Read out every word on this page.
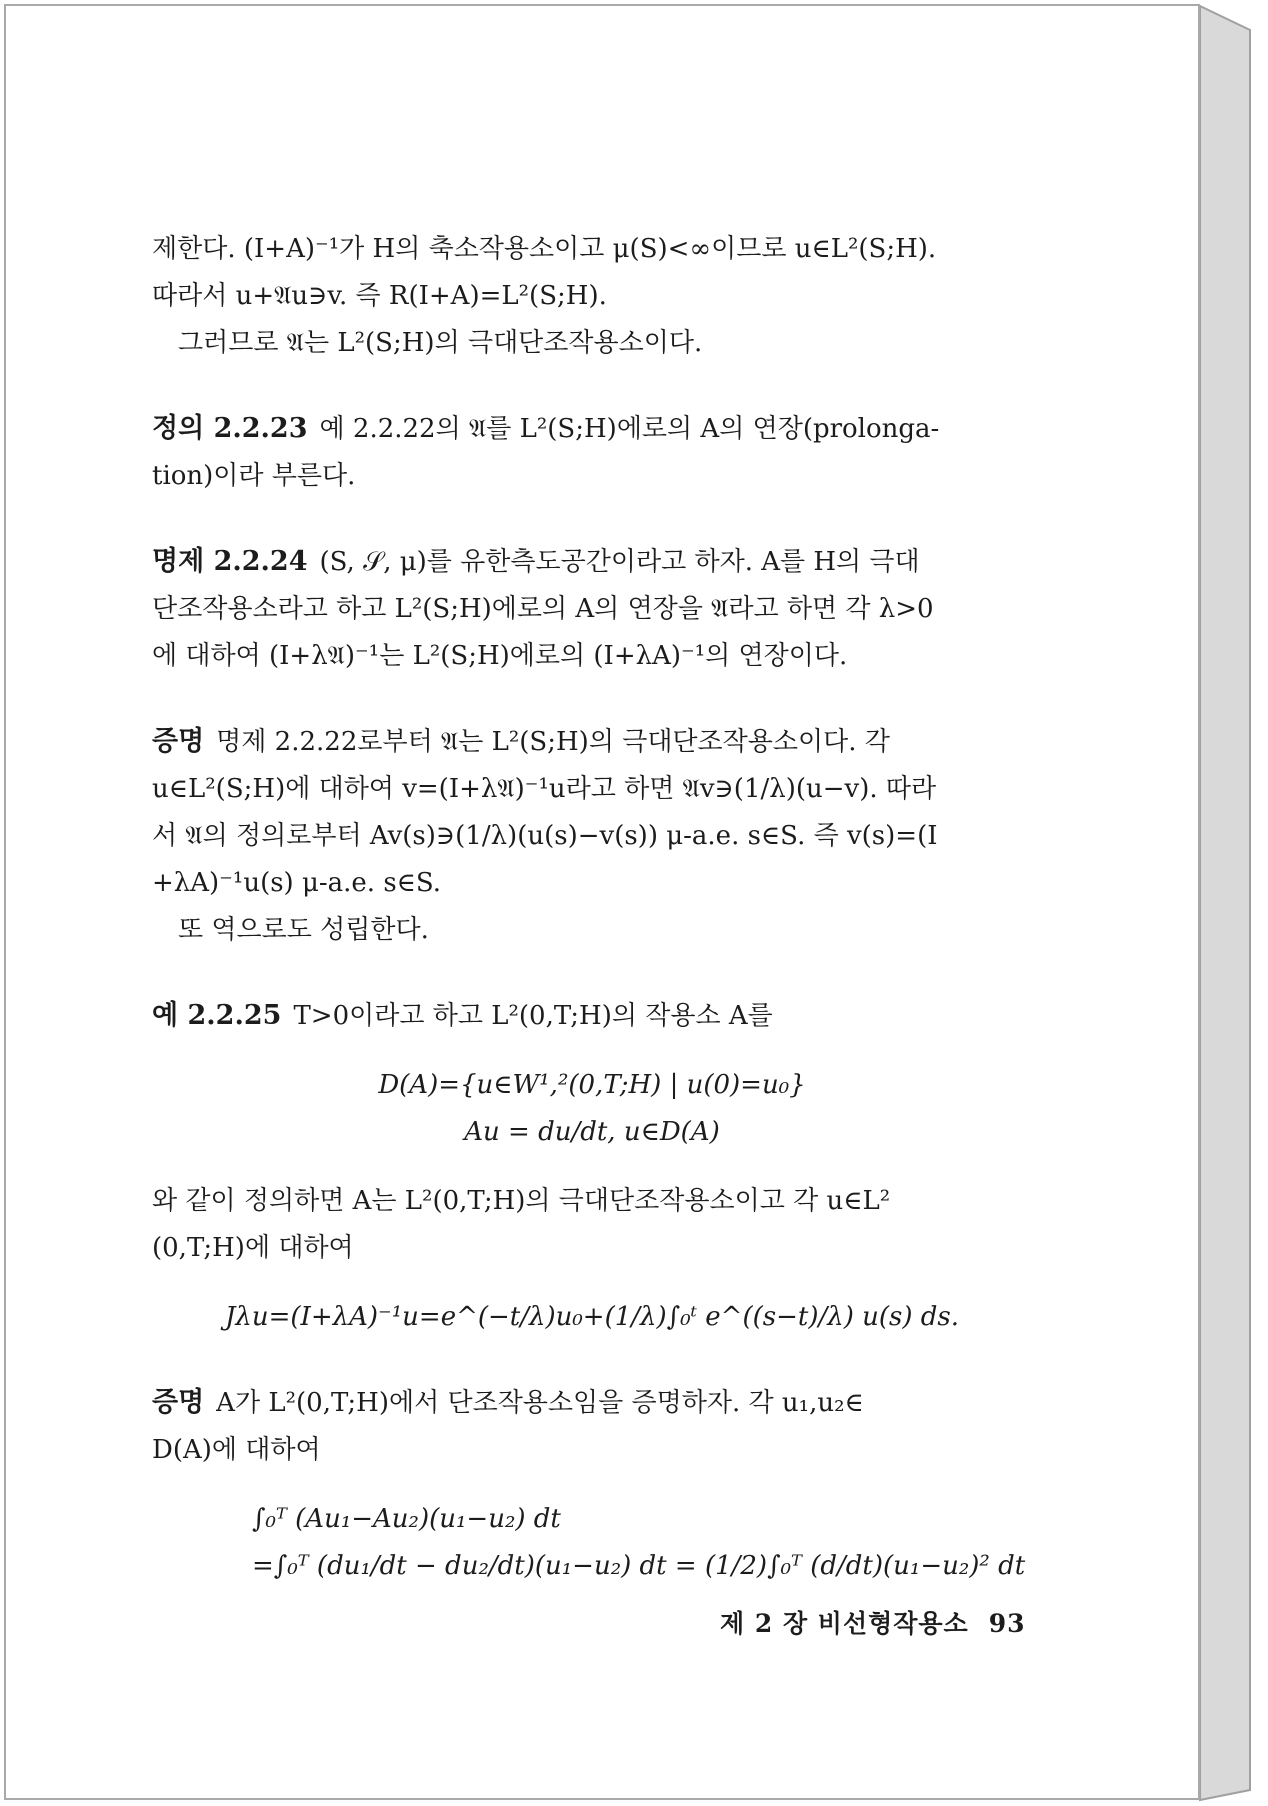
제한다. (I+A)⁻¹가 H의 축소작용소이고 μ(S)<∞이므로 u∈L²(S;H).

따라서 u+𝔄u∋v. 즉 R(I+A)=L²(S;H).

그러므로 𝔄는 L²(S;H)의 극대단조작용소이다.

정의 2.2.23 예 2.2.22의 𝔄를 L²(S;H)에로의 A의 연장(prolonga-

tion)이라 부른다.

명제 2.2.24 (S, 𝒮, μ)를 유한측도공간이라고 하자. A를 H의 극대

단조작용소라고 하고 L²(S;H)에로의 A의 연장을 𝔄라고 하면 각 λ>0

에 대하여 (I+λ𝔄)⁻¹는 L²(S;H)에로의 (I+λA)⁻¹의 연장이다.

증명 명제 2.2.22로부터 𝔄는 L²(S;H)의 극대단조작용소이다. 각

u∈L²(S;H)에 대하여 v=(I+λ𝔄)⁻¹u라고 하면 𝔄v∋(1/λ)(u−v). 따라

서 𝔄의 정의로부터 Av(s)∋(1/λ)(u(s)−v(s)) μ-a.e. s∈S. 즉 v(s)=(I

+λA)⁻¹u(s) μ-a.e. s∈S.

또 역으로도 성립한다.

예 2.2.25 T>0이라고 하고 L²(0,T;H)의 작용소 A를

D(A)={u∈W¹,²(0,T;H) | u(0)=u₀}

Au = du/dt, u∈D(A)

와 같이 정의하면 A는 L²(0,T;H)의 극대단조작용소이고 각 u∈L²

(0,T;H)에 대하여

Jλu=(I+λA)⁻¹u=e^(−t/λ)u₀+(1/λ)∫₀ᵗ e^((s−t)/λ) u(s) ds.

증명 A가 L²(0,T;H)에서 단조작용소임을 증명하자. 각 u₁,u₂∈

D(A)에 대하여

∫₀ᵀ (Au₁−Au₂)(u₁−u₂) dt

=∫₀ᵀ (du₁/dt − du₂/dt)(u₁−u₂) dt = (1/2)∫₀ᵀ (d/dt)(u₁−u₂)² dt

제 2 장 비선형작용소 93
